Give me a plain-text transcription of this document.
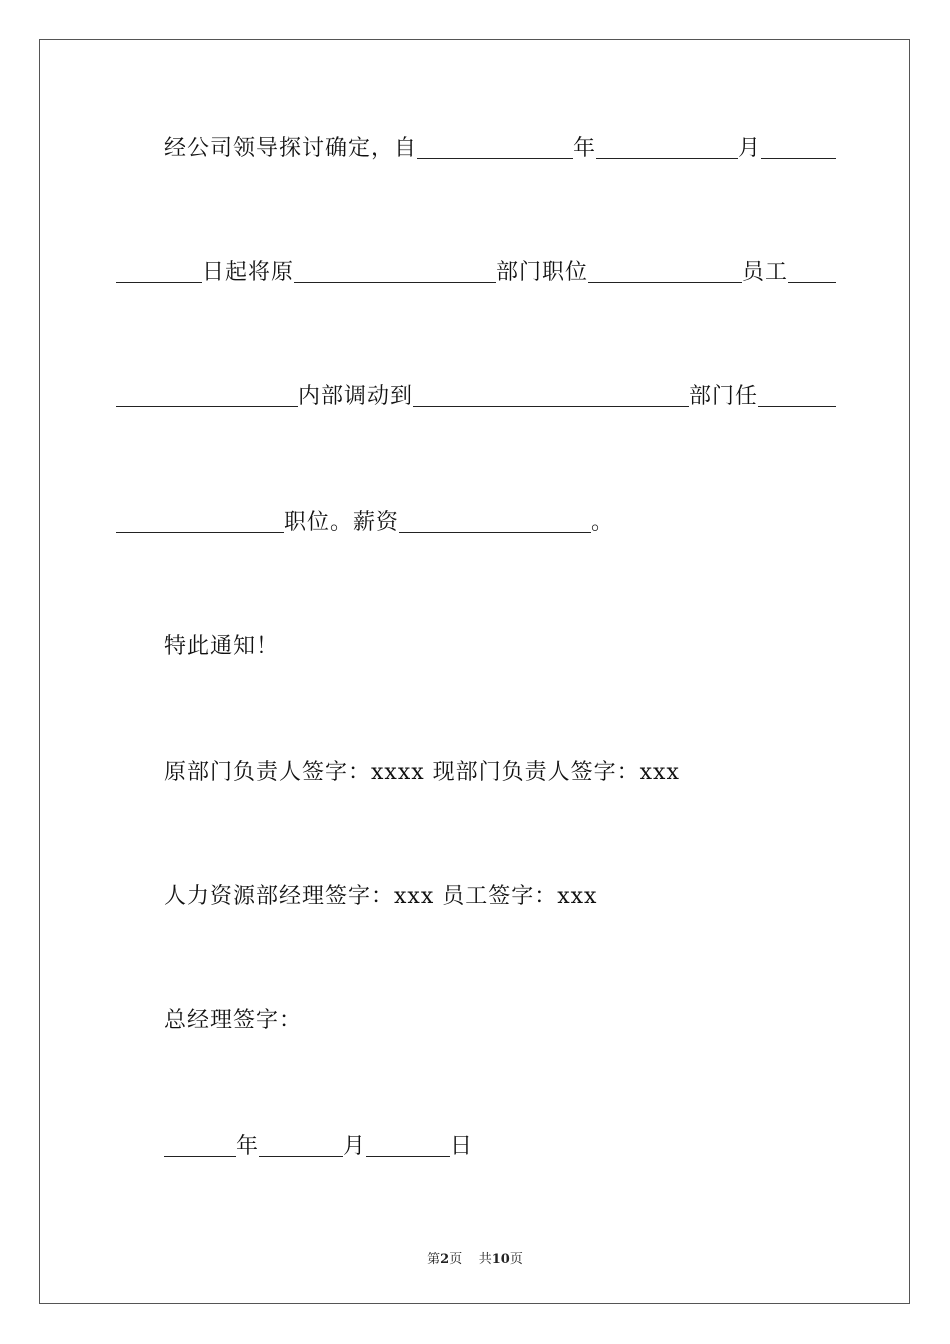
经公司领导探讨确定，自	年	月
日起将原	部门职位	员工
内部调动到	部门任
职位。薪资	。
特此通知！
原部门负责人签字：xxxx 现部门负责人签字：xxx
人力资源部经理签字：xxx 员工签字：xxx
总经理签字：
年	月	日
第2页 共10页
